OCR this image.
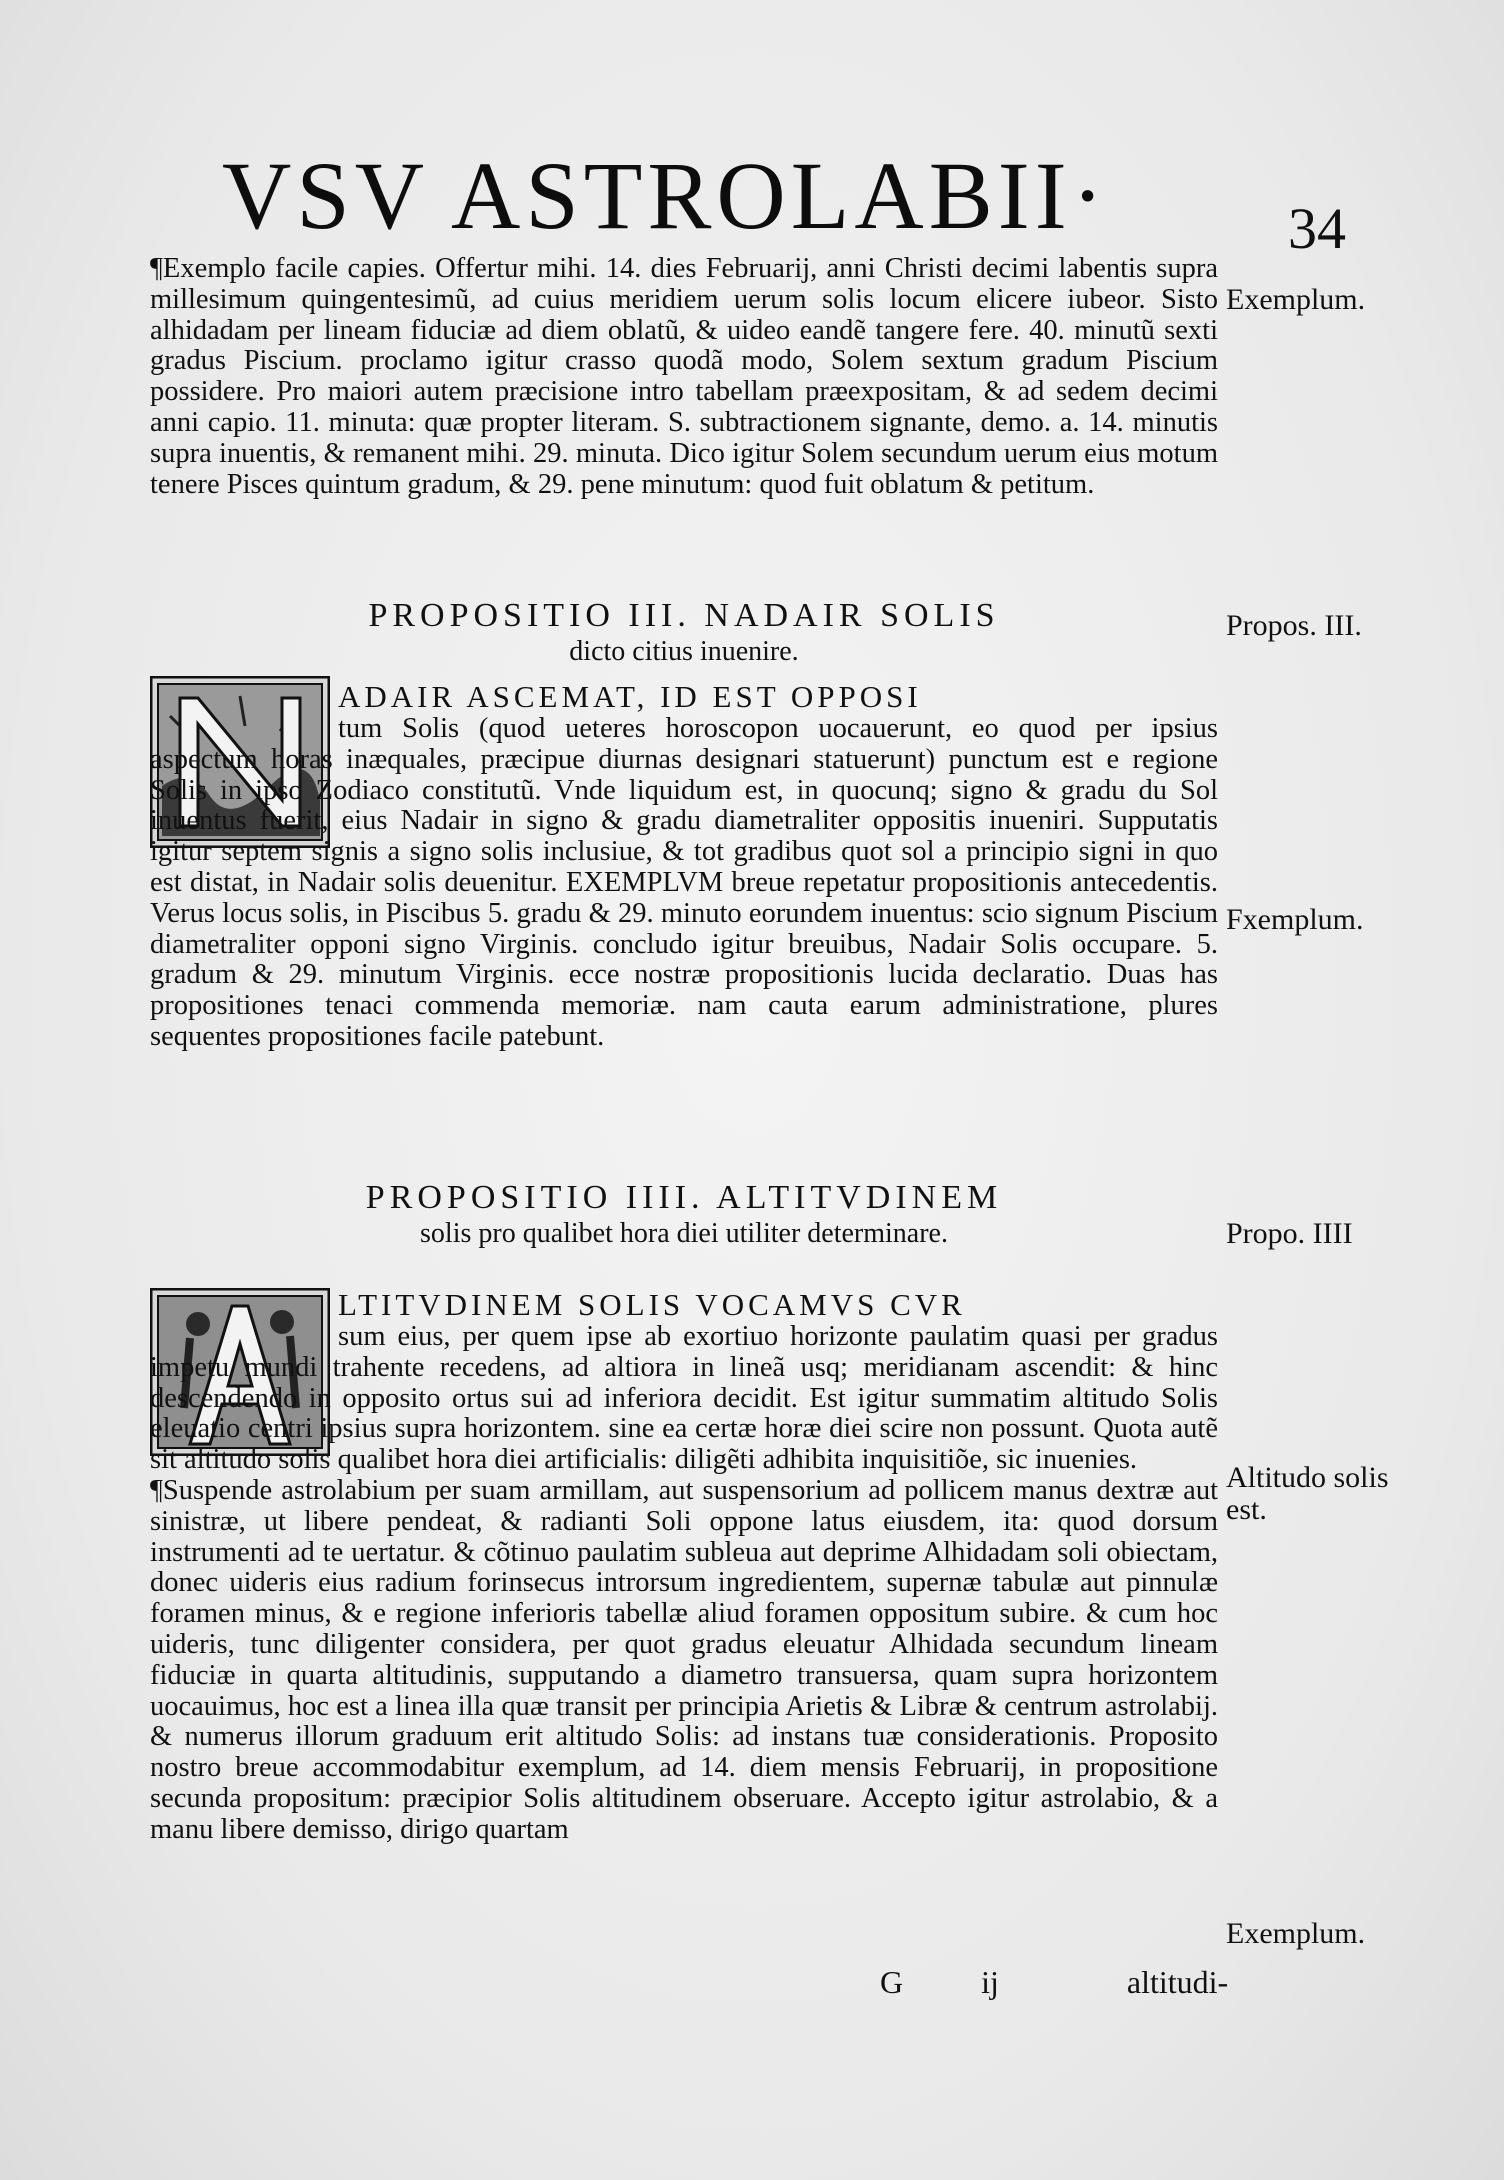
VSV ASTROLABII·	34

¶Exemplo facile capies. Offertur mihi. 14. dies Februarij, anni Christi decimi labentis supra millesimum quingentesimũ, ad cuius meridiem uerum solis locum elicere iubeor. Sisto alhidadam per lineam fiduciæ ad diem oblatũ, & uideo eandẽ tangere fere. 40. minutũ sexti gradus Piscium. proclamo igitur crasso quodã modo, Solem sextum gradum Piscium possidere. Pro maiori autem præcisione intro tabellam præexpositam, & ad sedem decimi anni capio. 11. minuta: quæ propter literam. S. subtractionem signante, demo. a. 14. minutis supra inuentis, & remanent mihi. 29. minuta. Dico igitur Solem secundum uerum eius motum tenere Pisces quintum gradum, & 29. pene minutum: quod fuit oblatum & petitum.

Exemplum.
PROPOSITIO III. NADAIR SOLIS
dicto citius inuenire.
Propos. III.

ADAIR ASCEMAT, ID EST OPPOSI

tum Solis (quod ueteres horoscopon uocauerunt, eo quod per ipsius aspectum horas inæquales, præcipue diurnas designari statuerunt) punctum est e regione Solis in ipso Zodiaco constitutũ. Vnde liquidum est, in quocunq; signo & gradu du Sol inuentus fuerit, eius Nadair in signo & gradu diametraliter oppositis inueniri. Supputatis igitur septem signis a signo solis inclusiue, & tot gradibus quot sol a principio signi in quo est distat, in Nadair solis deuenitur. EXEMPLVM breue repetatur propositionis antecedentis. Verus locus solis, in Piscibus 5. gradu & 29. minuto eorundem inuentus: scio signum Piscium diametraliter opponi signo Virginis. concludo igitur breuibus, Nadair Solis occupare. 5. gradum & 29. minutum Virginis. ecce nostræ propositionis lucida declaratio. Duas has propositiones tenaci commenda memoriæ. nam cauta earum administratione, plures sequentes propositiones facile patebunt.

Fxemplum.
PROPOSITIO IIII. ALTITVDINEM
solis pro qualibet hora diei utiliter determinare.	Propo. IIII

LTITVDINEM SOLIS VOCAMVS CVR

sum eius, per quem ipse ab exortiuo horizonte paulatim quasi per gradus impetu mundi trahente recedens, ad altiora in lineã usq; meridianam ascendit: & hinc descendendo in opposito ortus sui ad inferiora decidit. Est igitur summatim altitudo Solis eleuatio centri ipsius supra horizontem. sine ea certæ horæ diei scire non possunt. Quota autẽ sit altitudo solis qualibet hora diei artificialis: diligẽti adhibita inquisitiõe, sic inuenies.

¶Suspende astrolabium per suam armillam, aut suspensorium ad pollicem manus dextræ aut sinistræ, ut libere pendeat, & radianti Soli oppone latus eiusdem, ita: quod dorsum instrumenti ad te uertatur. & cõtinuo paulatim subleua aut deprime Alhidadam soli obiectam, donec uideris eius radium forinsecus introrsum ingredientem, supernæ tabulæ aut pinnulæ foramen minus, & e regione inferioris tabellæ aliud foramen oppositum subire. & cum hoc uideris, tunc diligenter considera, per quot gradus eleuatur Alhidada secundum lineam fiduciæ in quarta altitudinis, supputando a diametro transuersa, quam supra horizontem uocauimus, hoc est a linea illa quæ transit per principia Arietis & Libræ & centrum astrolabij. & numerus illorum graduum erit altitudo Solis: ad instans tuæ considerationis. Proposito nostro breue accommodabitur exemplum, ad 14. diem mensis Februarij, in propositione secunda propositum: præcipior Solis altitudinem obseruare. Accepto igitur astrolabio, & a manu libere demisso, dirigo quartam

Altitudo solis
est.
Exemplum.
G ij	altitudi-
